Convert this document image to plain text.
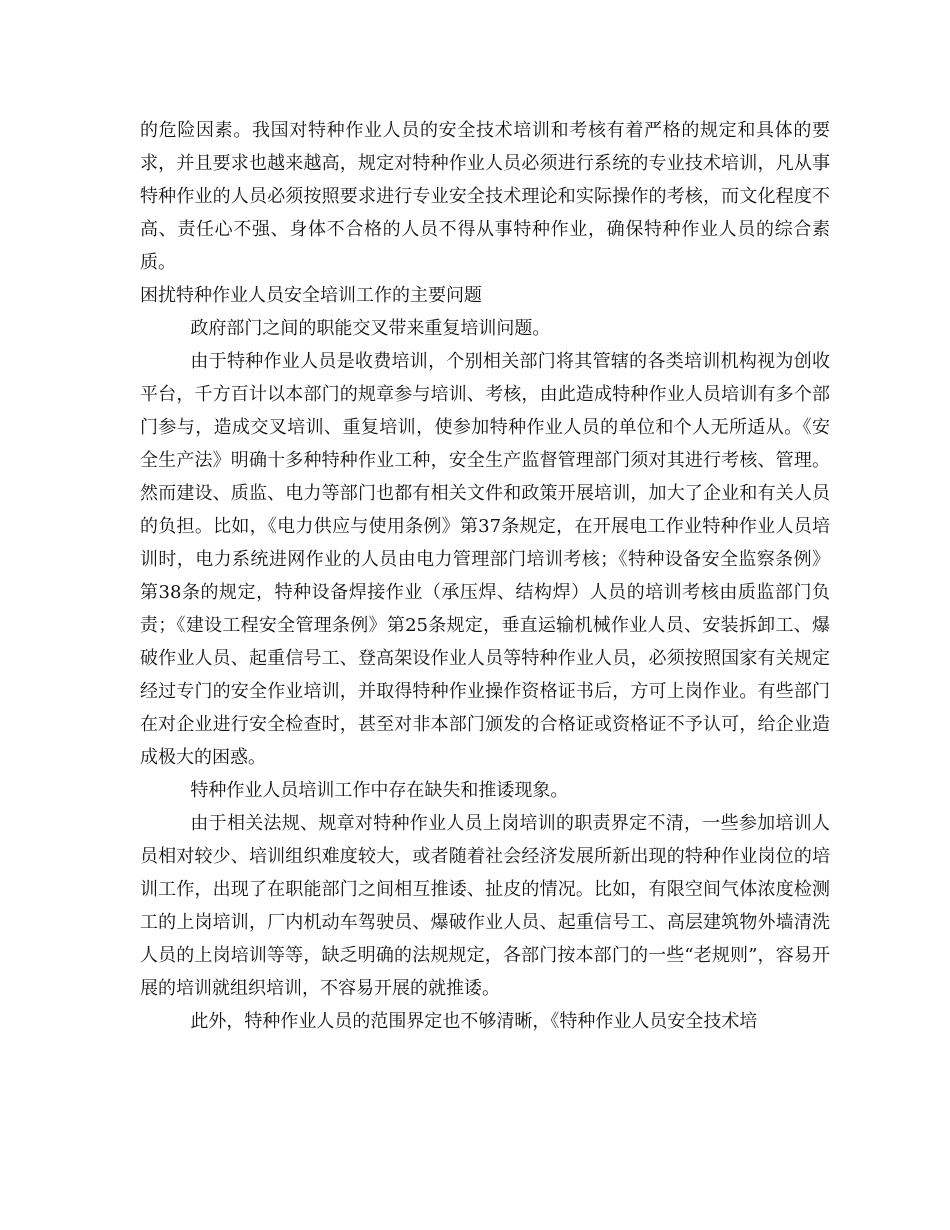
的危险因素。我国对特种作业人员的安全技术培训和考核有着严格的规定和具体的要求，并且要求也越来越高，规定对特种作业人员必须进行系统的专业技术培训，凡从事特种作业的人员必须按照要求进行专业安全技术理论和实际操作的考核，而文化程度不高、责任心不强、身体不合格的人员不得从事特种作业，确保特种作业人员的综合素质。

困扰特种作业人员安全培训工作的主要问题

政府部门之间的职能交叉带来重复培训问题。

由于特种作业人员是收费培训，个别相关部门将其管辖的各类培训机构视为创收平台，千方百计以本部门的规章参与培训、考核，由此造成特种作业人员培训有多个部门参与，造成交叉培训、重复培训，使参加特种作业人员的单位和个人无所适从。《安全生产法》明确十多种特种作业工种，安全生产监督管理部门须对其进行考核、管理。然而建设、质监、电力等部门也都有相关文件和政策开展培训，加大了企业和有关人员的负担。比如，《电力供应与使用条例》第37条规定，在开展电工作业特种作业人员培训时，电力系统进网作业的人员由电力管理部门培训考核；《特种设备安全监察条例》第38条的规定，特种设备焊接作业（承压焊、结构焊）人员的培训考核由质监部门负责；《建设工程安全管理条例》第25条规定，垂直运输机械作业人员、安装拆卸工、爆破作业人员、起重信号工、登高架设作业人员等特种作业人员，必须按照国家有关规定经过专门的安全作业培训，并取得特种作业操作资格证书后，方可上岗作业。有些部门在对企业进行安全检查时，甚至对非本部门颁发的合格证或资格证不予认可，给企业造成极大的困惑。

特种作业人员培训工作中存在缺失和推诿现象。

由于相关法规、规章对特种作业人员上岗培训的职责界定不清，一些参加培训人员相对较少、培训组织难度较大，或者随着社会经济发展所新出现的特种作业岗位的培训工作，出现了在职能部门之间相互推诿、扯皮的情况。比如，有限空间气体浓度检测工的上岗培训，厂内机动车驾驶员、爆破作业人员、起重信号工、高层建筑物外墙清洗人员的上岗培训等等，缺乏明确的法规规定，各部门按本部门的一些“老规则”，容易开展的培训就组织培训，不容易开展的就推诿。

此外，特种作业人员的范围界定也不够清晰，《特种作业人员安全技术培
